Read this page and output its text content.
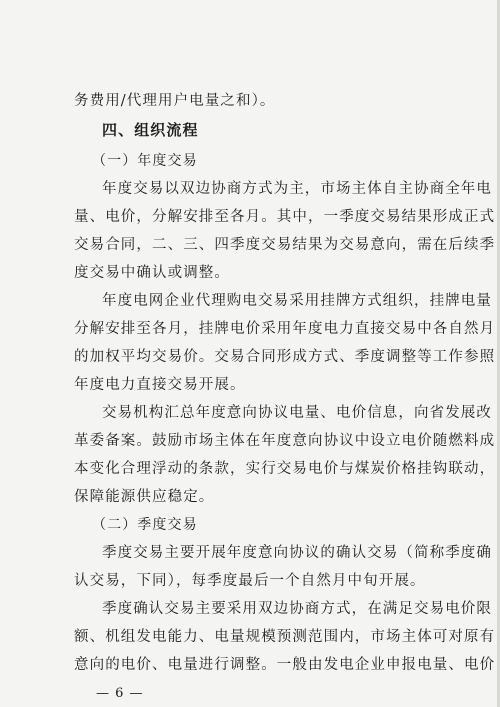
务费用/代理用户电量之和）。
四、组织流程
（一）年度交易
年度交易以双边协商方式为主，市场主体自主协商全年电
量、电价，分解安排至各月。其中，一季度交易结果形成正式
交易合同，二、三、四季度交易结果为交易意向，需在后续季
度交易中确认或调整。
年度电网企业代理购电交易采用挂牌方式组织，挂牌电量
分解安排至各月，挂牌电价采用年度电力直接交易中各自然月
的加权平均交易价。交易合同形成方式、季度调整等工作参照
年度电力直接交易开展。
交易机构汇总年度意向协议电量、电价信息，向省发展改
革委备案。鼓励市场主体在年度意向协议中设立电价随燃料成
本变化合理浮动的条款，实行交易电价与煤炭价格挂钩联动，
保障能源供应稳定。
（二）季度交易
季度交易主要开展年度意向协议的确认交易（简称季度确
认交易，下同），每季度最后一个自然月中旬开展。
季度确认交易主要采用双边协商方式，在满足交易电价限
额、机组发电能力、电量规模预测范围内，市场主体可对原有
意向的电价、电量进行调整。一般由发电企业申报电量、电价
— 6 —
